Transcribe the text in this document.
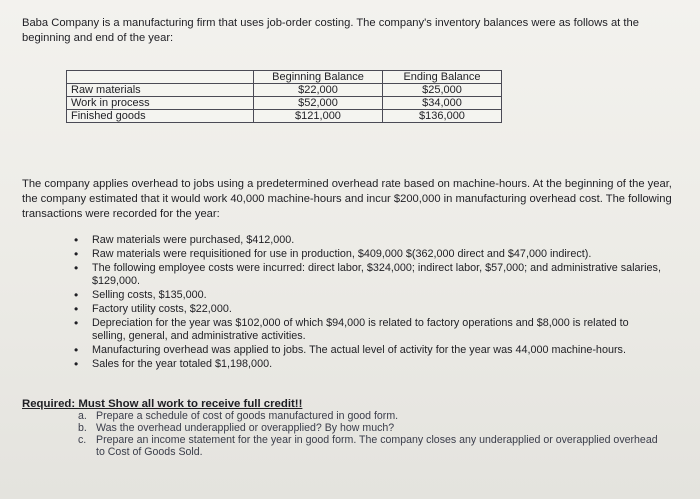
Baba Company is a manufacturing firm that uses job-order costing. The company's inventory balances were as follows at the beginning and end of the year:

	Beginning Balance	Ending Balance
Raw materials	$22,000	$25,000
Work in process	$52,000	$34,000
Finished goods	$121,000	$136,000

The company applies overhead to jobs using a predetermined overhead rate based on machine-hours. At the beginning of the year, the company estimated that it would work 40,000 machine-hours and incur $200,000 in manufacturing overhead cost. The following transactions were recorded for the year:

• Raw materials were purchased, $412,000.
• Raw materials were requisitioned for use in production, $409,000 $(362,000 direct and $47,000 indirect).
• The following employee costs were incurred: direct labor, $324,000; indirect labor, $57,000; and administrative salaries, $129,000.
• Selling costs, $135,000.
• Factory utility costs, $22,000.
• Depreciation for the year was $102,000 of which $94,000 is related to factory operations and $8,000 is related to selling, general, and administrative activities.
• Manufacturing overhead was applied to jobs. The actual level of activity for the year was 44,000 machine-hours.
• Sales for the year totaled $1,198,000.
Required: Must Show all work to receive full credit!!
a. Prepare a schedule of cost of goods manufactured in good form.
b. Was the overhead underapplied or overapplied? By how much?
c. Prepare an income statement for the year in good form. The company closes any underapplied or overapplied overhead to Cost of Goods Sold.
